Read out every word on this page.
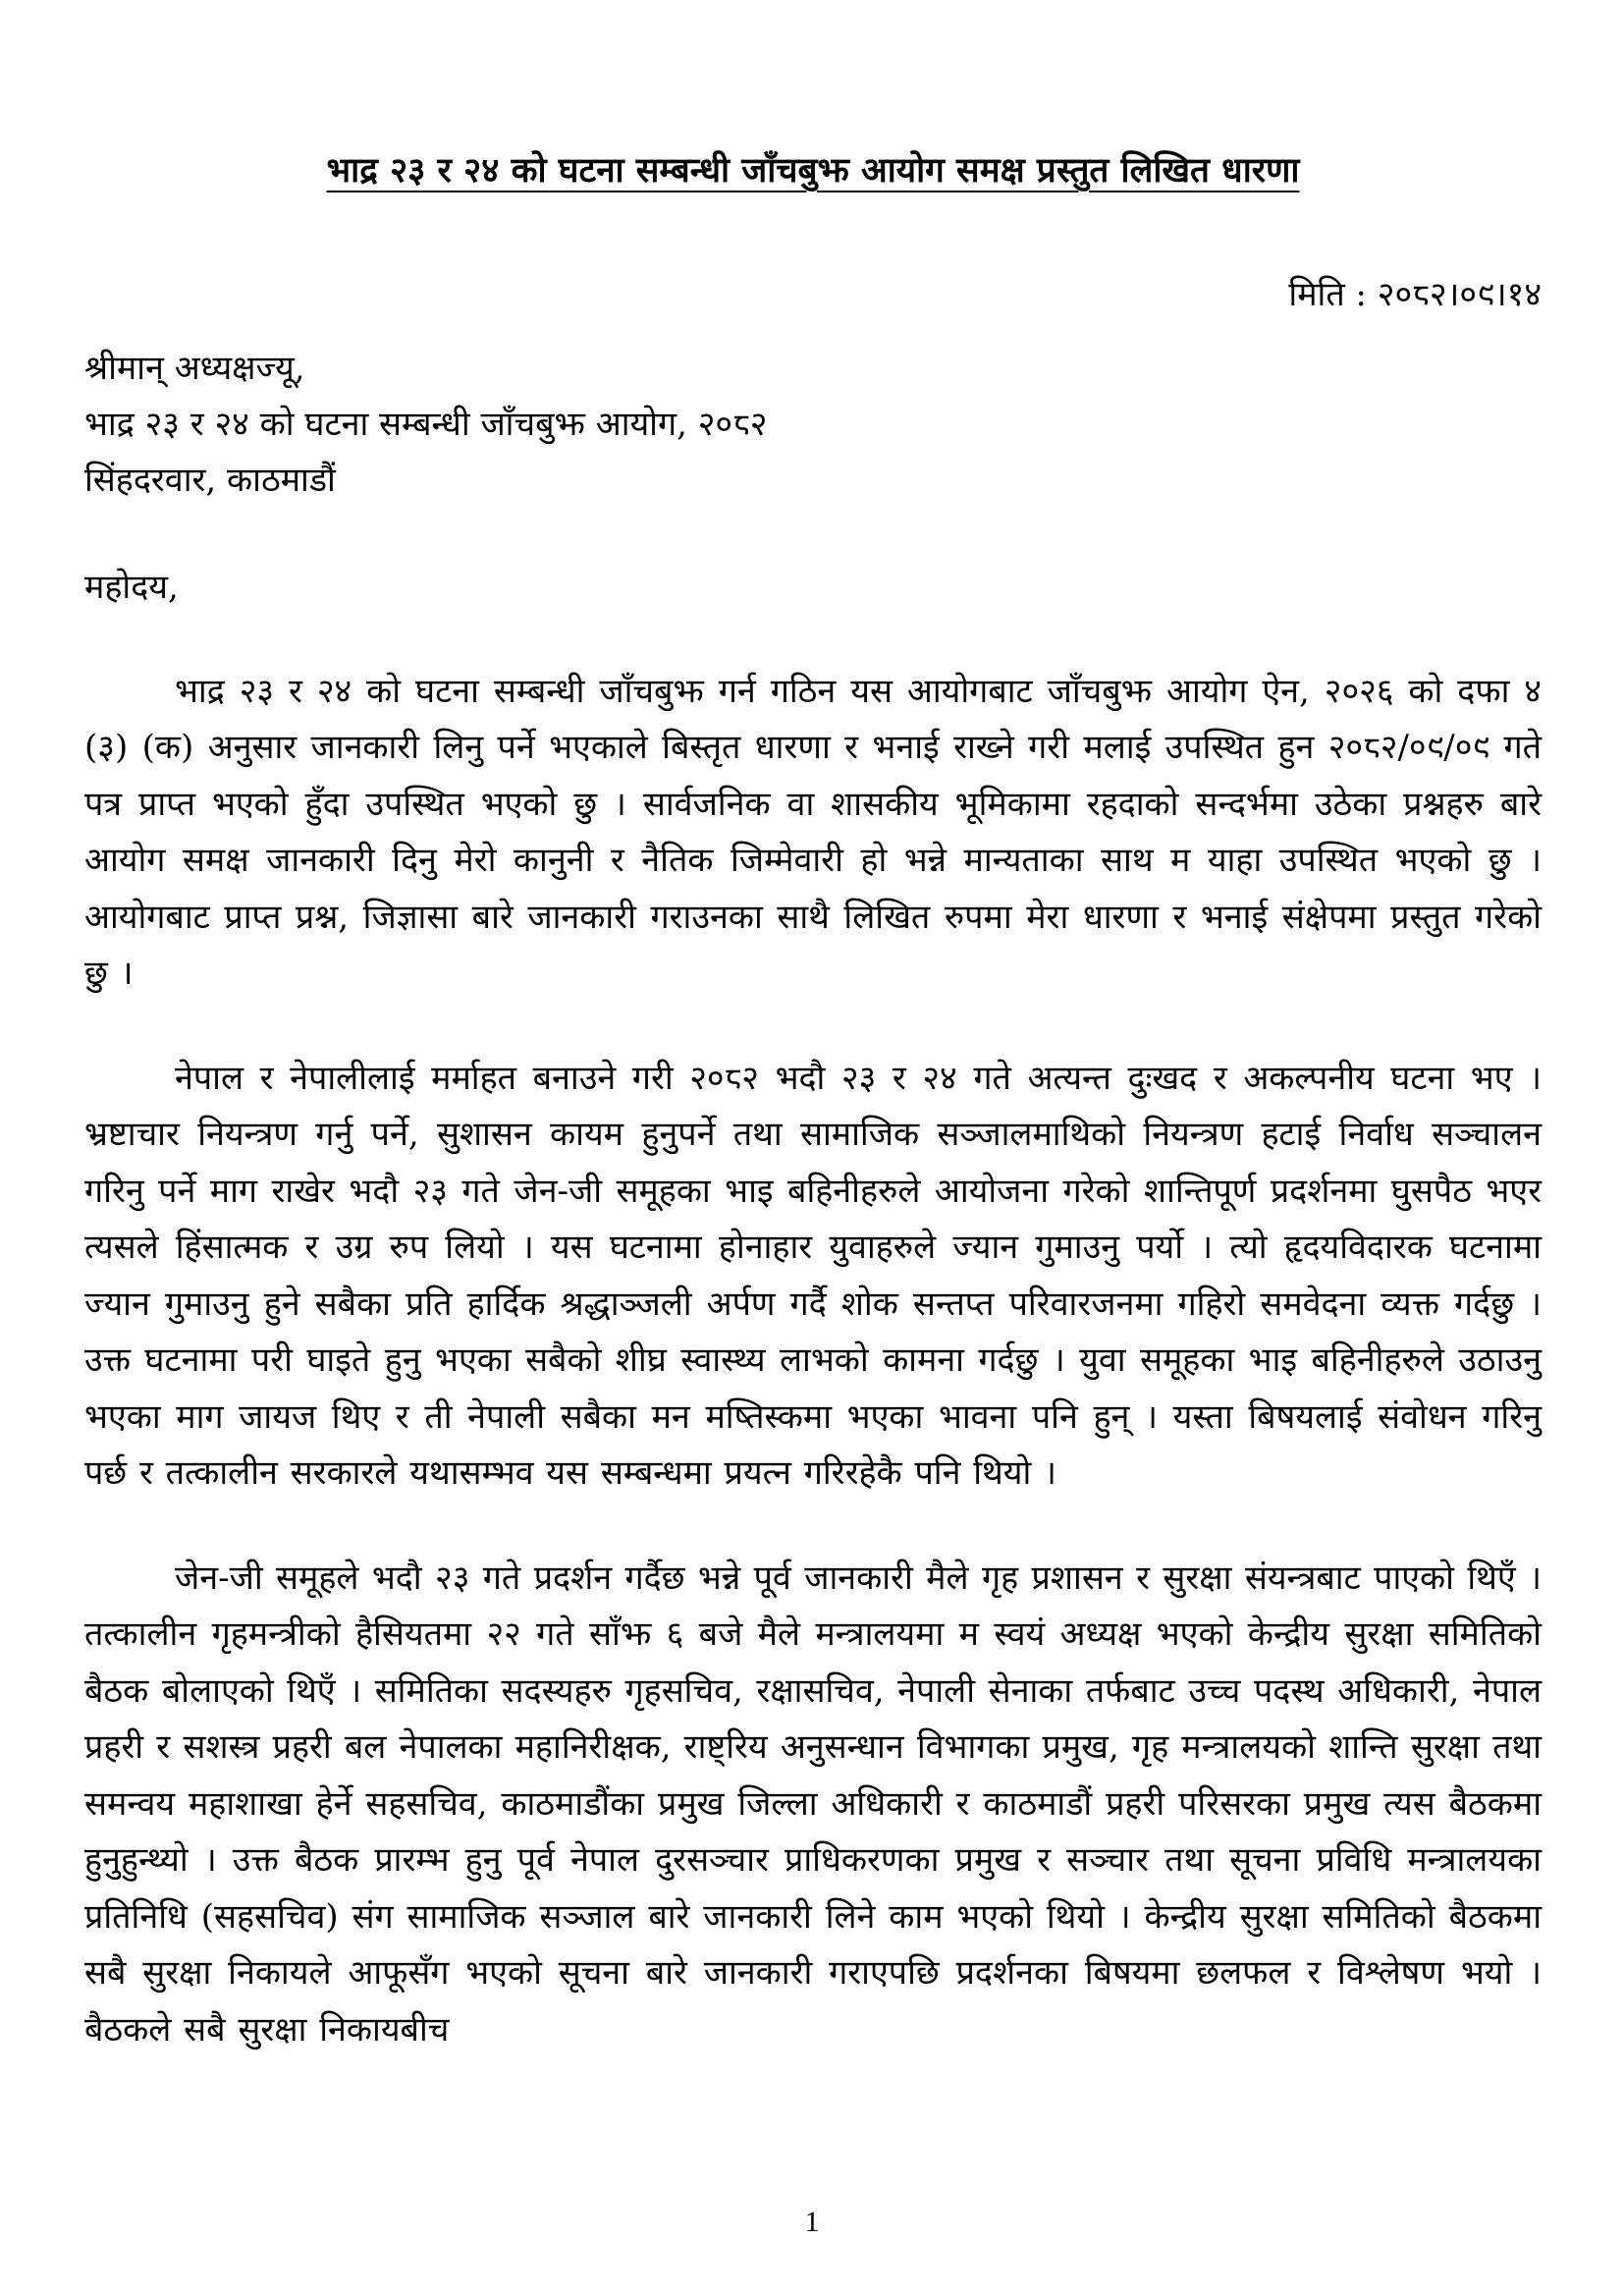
भाद्र २३ र २४ को घटना सम्बन्धी जाँचबुझ आयोग समक्ष प्रस्तुत लिखित धारणा
मिति : २०८२।०९।१४
श्रीमान् अध्यक्षज्यू,
भाद्र २३ र २४ को घटना सम्बन्धी जाँचबुझ आयोग, २०८२
सिंहदरवार, काठमाडौं
महोदय,

भाद्र २३ र २४ को घटना सम्बन्धी जाँचबुझ गर्न गठिन यस आयोगबाट जाँचबुझ आयोग ऐन, २०२६ को दफा ४ (३) (क) अनुसार जानकारी लिनु पर्ने भएकाले बिस्तृत धारणा र भनाई राख्ने गरी मलाई उपस्थित हुन २०८२/०९/०९ गते पत्र प्राप्त भएको हुँदा उपस्थित भएको छु । सार्वजनिक वा शासकीय भूमिकामा रहदाको सन्दर्भमा उठेका प्रश्नहरु बारे आयोग समक्ष जानकारी दिनु मेरो कानुनी र नैतिक जिम्मेवारी हो भन्ने मान्यताका साथ म याहा उपस्थित भएको छु । आयोगबाट प्राप्त प्रश्न, जिज्ञासा बारे जानकारी गराउनका साथै लिखित रुपमा मेरा धारणा र भनाई संक्षेपमा प्रस्तुत गरेको छु ।

नेपाल र नेपालीलाई मर्माहत बनाउने गरी २०८२ भदौ २३ र २४ गते अत्यन्त दुःखद र अकल्पनीय घटना भए । भ्रष्टाचार नियन्त्रण गर्नु पर्ने, सुशासन कायम हुनुपर्ने तथा सामाजिक सञ्जालमाथिको नियन्त्रण हटाई निर्वाध सञ्चालन गरिनु पर्ने माग राखेर भदौ २३ गते जेन-जी समूहका भाइ बहिनीहरुले आयोजना गरेको शान्तिपूर्ण प्रदर्शनमा घुसपैठ भएर त्यसले हिंसात्मक र उग्र रुप लियो । यस घटनामा होनाहार युवाहरुले ज्यान गुमाउनु पर्यो । त्यो हृदयविदारक घटनामा ज्यान गुमाउनु हुने सबैका प्रति हार्दिक श्रद्धाञ्जली अर्पण गर्दै शोक सन्तप्त परिवारजनमा गहिरो समवेदना व्यक्त गर्दछु । उक्त घटनामा परी घाइते हुनु भएका सबैको शीघ्र स्वास्थ्य लाभको कामना गर्दछु । युवा समूहका भाइ बहिनीहरुले उठाउनु भएका माग जायज थिए र ती नेपाली सबैका मन मष्तिस्कमा भएका भावना पनि हुन् । यस्ता बिषयलाई संवोधन गरिनु पर्छ र तत्कालीन सरकारले यथासम्भव यस सम्बन्धमा प्रयत्न गरिरहेकै पनि थियो ।

जेन-जी समूहले भदौ २३ गते प्रदर्शन गर्दैछ भन्ने पूर्व जानकारी मैले गृह प्रशासन र सुरक्षा संयन्त्रबाट पाएको थिएँ । तत्कालीन गृहमन्त्रीको हैसियतमा २२ गते साँझ ६ बजे मैले मन्त्रालयमा म स्वयं अध्यक्ष भएको केन्द्रीय सुरक्षा समितिको बैठक बोलाएको थिएँ । समितिका सदस्यहरु गृहसचिव, रक्षासचिव, नेपाली सेनाका तर्फबाट उच्च पदस्थ अधिकारी, नेपाल प्रहरी र सशस्त्र प्रहरी बल नेपालका महानिरीक्षक, राष्ट्रिय अनुसन्धान विभागका प्रमुख, गृह मन्त्रालयको शान्ति सुरक्षा तथा समन्वय महाशाखा हेर्ने सहसचिव, काठमाडौंका प्रमुख जिल्ला अधिकारी र काठमाडौं प्रहरी परिसरका प्रमुख त्यस बैठकमा हुनुहुन्थ्यो । उक्त बैठक प्रारम्भ हुनु पूर्व नेपाल दुरसञ्चार प्राधिकरणका प्रमुख र सञ्चार तथा सूचना प्रविधि मन्त्रालयका प्रतिनिधि (सहसचिव) संग सामाजिक सञ्जाल बारे जानकारी लिने काम भएको थियो । केन्द्रीय सुरक्षा समितिको बैठकमा सबै सुरक्षा निकायले आफूसँग भएको सूचना बारे जानकारी गराएपछि प्रदर्शनका बिषयमा छलफल र विश्लेषण भयो । बैठकले सबै सुरक्षा निकायबीच

1
